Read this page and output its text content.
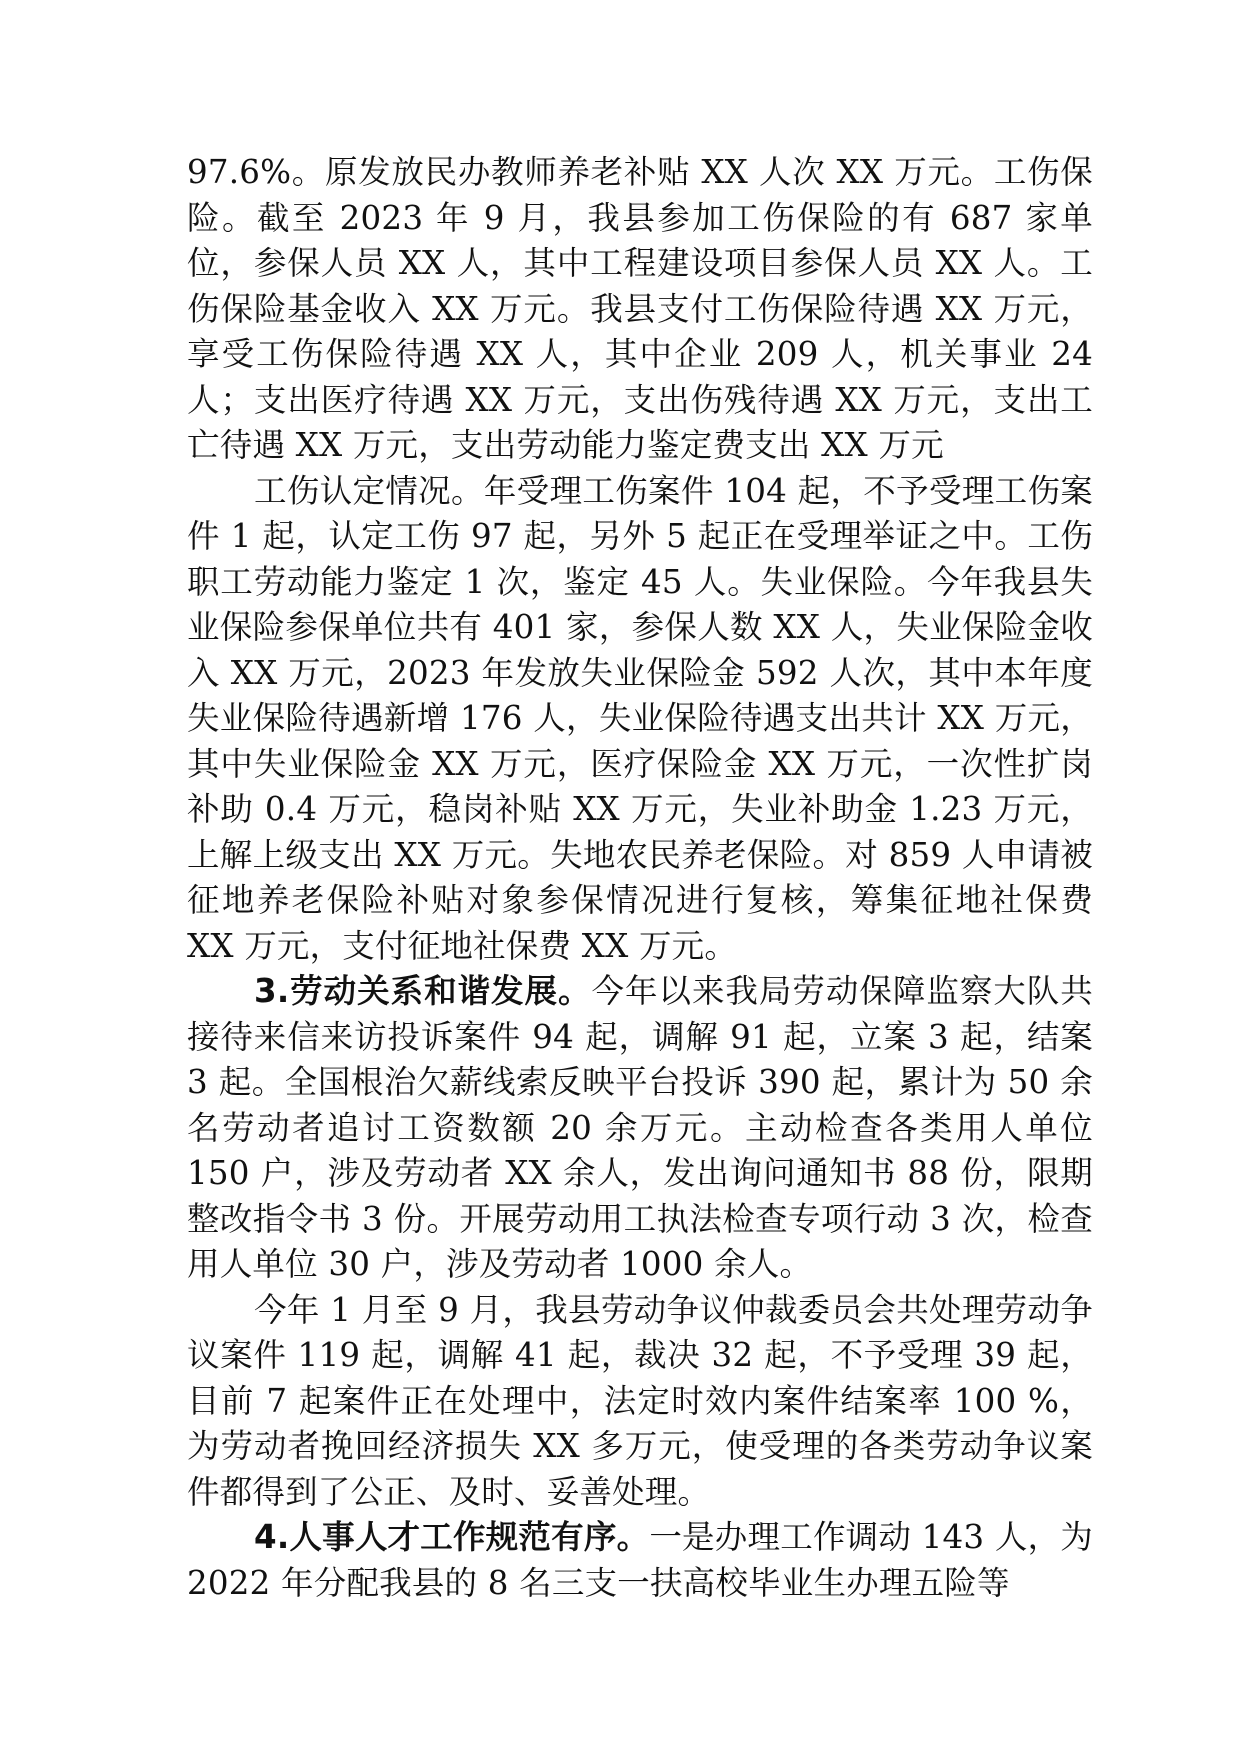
97.6%。原发放民办教师养老补贴 XX 人次 XX 万元。工伤保险。截至 2023 年 9 月，我县参加工伤保险的有 687 家单位，参保人员 XX 人，其中工程建设项目参保人员 XX 人。工伤保险基金收入 XX 万元。我县支付工伤保险待遇 XX 万元，享受工伤保险待遇 XX 人，其中企业 209 人，机关事业 24 人；支出医疗待遇 XX 万元，支出伤残待遇 XX 万元，支出工亡待遇 XX 万元，支出劳动能力鉴定费支出 XX 万元

工伤认定情况。年受理工伤案件 104 起，不予受理工伤案件 1 起，认定工伤 97 起，另外 5 起正在受理举证之中。工伤职工劳动能力鉴定 1 次，鉴定 45 人。失业保险。今年我县失业保险参保单位共有 401 家，参保人数 XX 人，失业保险金收入 XX 万元，2023 年发放失业保险金 592 人次，其中本年度失业保险待遇新增 176 人，失业保险待遇支出共计 XX 万元，其中失业保险金 XX 万元，医疗保险金 XX 万元，一次性扩岗补助 0.4 万元，稳岗补贴 XX 万元，失业补助金 1.23 万元，上解上级支出 XX 万元。失地农民养老保险。对 859 人申请被征地养老保险补贴对象参保情况进行复核，筹集征地社保费 XX 万元，支付征地社保费 XX 万元。

3.劳动关系和谐发展。今年以来我局劳动保障监察大队共接待来信来访投诉案件 94 起，调解 91 起，立案 3 起，结案 3 起。全国根治欠薪线索反映平台投诉 390 起，累计为 50 余名劳动者追讨工资数额 20 余万元。主动检查各类用人单位 150 户，涉及劳动者 XX 余人，发出询问通知书 88 份，限期整改指令书 3 份。开展劳动用工执法检查专项行动 3 次，检查用人单位 30 户，涉及劳动者 1000 余人。

今年 1 月至 9 月，我县劳动争议仲裁委员会共处理劳动争议案件 119 起，调解 41 起，裁决 32 起，不予受理 39 起，目前 7 起案件正在处理中，法定时效内案件结案率 100 %，为劳动者挽回经济损失 XX 多万元，使受理的各类劳动争议案件都得到了公正、及时、妥善处理。

4.人事人才工作规范有序。一是办理工作调动 143 人，为 2022 年分配我县的 8 名三支一扶高校毕业生办理五险等
